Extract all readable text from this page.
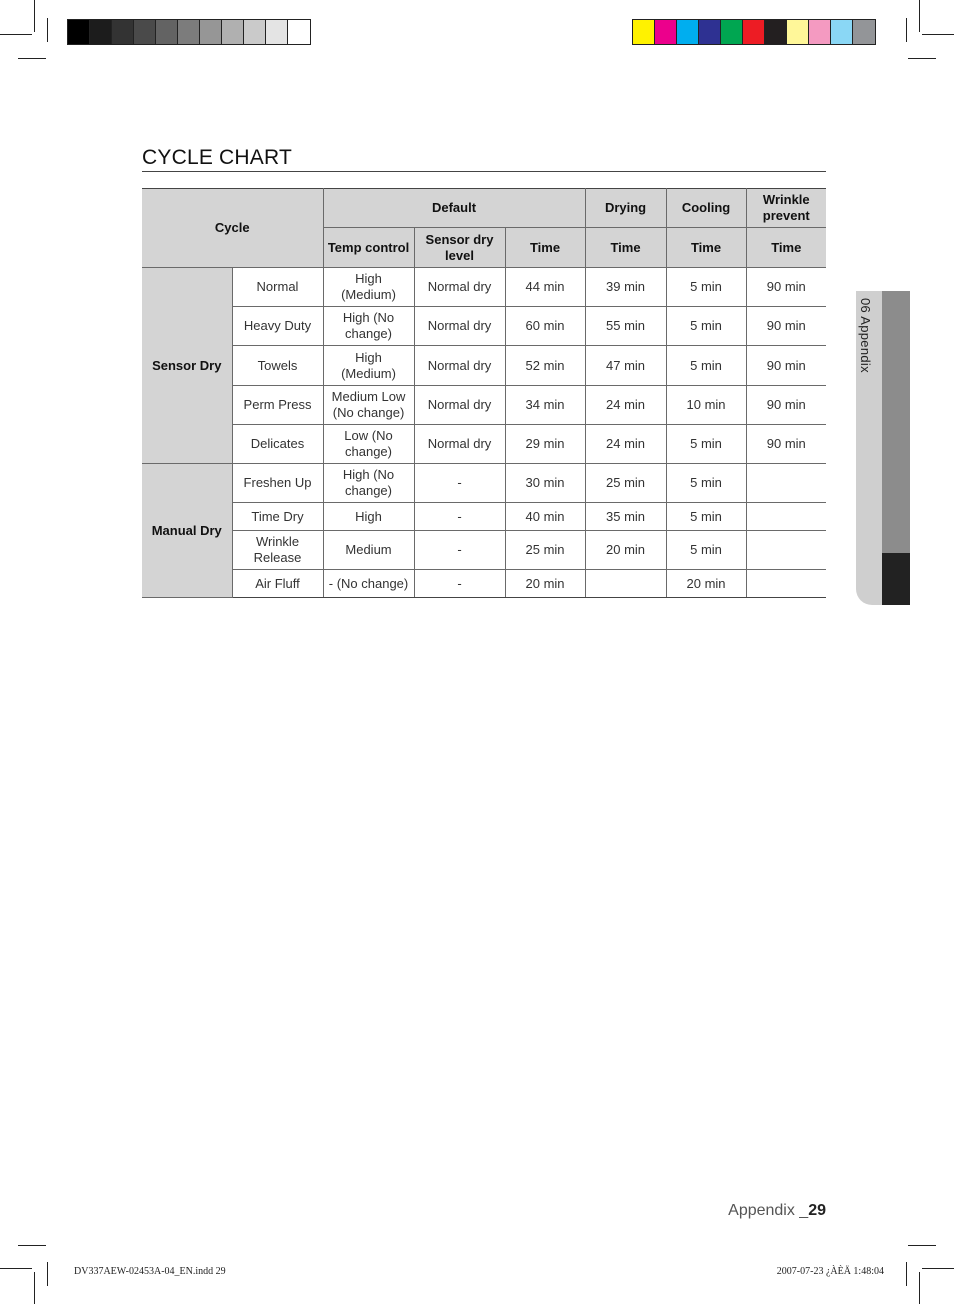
CYCLE CHART
Cycle		Default			Drying	Cooling	Wrinkle prevent
		Temp control	Sensor dry level	Time	Time	Time	Time
Sensor Dry	Normal	High (Medium)	Normal dry	44 min	39 min	5 min	90 min
	Heavy Duty	High (No change)	Normal dry	60 min	55 min	5 min	90 min
	Towels	High (Medium)	Normal dry	52 min	47 min	5 min	90 min
	Perm Press	Medium Low (No change)	Normal dry	34 min	24 min	10 min	90 min
	Delicates	Low (No change)	Normal dry	29 min	24 min	5 min	90 min
Manual Dry	Freshen Up	High (No change)	-	30 min	25 min	5 min	
	Time Dry	High	-	40 min	35 min	5 min	
	Wrinkle Release	Medium	-	25 min	20 min	5 min	
	Air Fluff	- (No change)	-	20 min		20 min	
06 Appendix
Appendix _29
DV337AEW-02453A-04_EN.indd 29	2007-07-23 ¿ÀÈÄ 1:48:04
